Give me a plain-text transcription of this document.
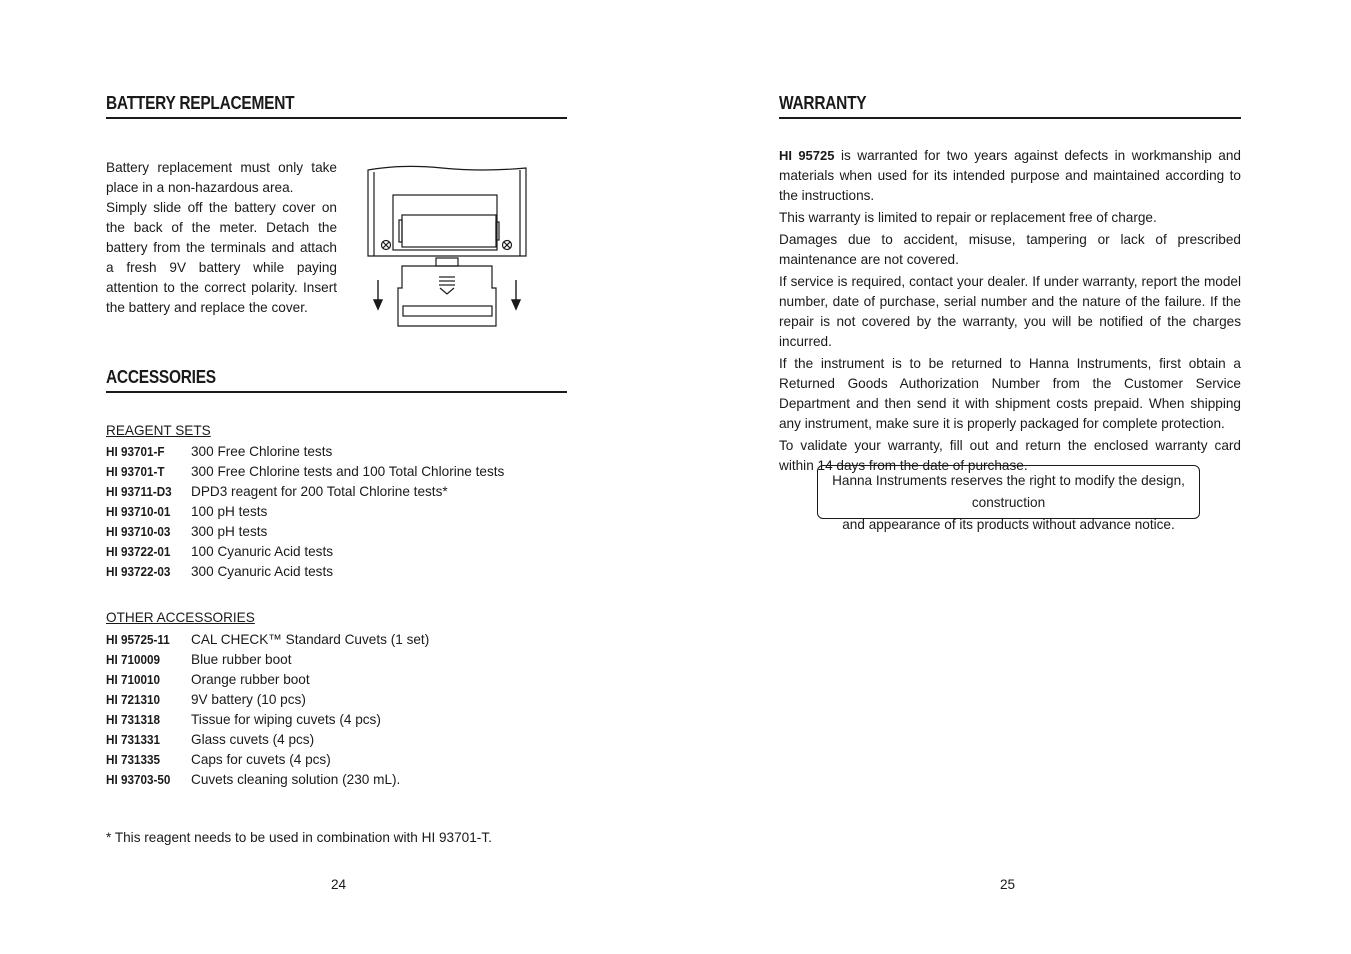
BATTERY REPLACEMENT

Battery replacement must only take place in a non-hazardous area.

Simply slide off the battery cover on the back of the meter. Detach the battery from the terminals and attach a fresh 9V battery while paying attention to the correct polarity. Insert the battery and replace the cover.

ACCESSORIES
REAGENT SETS
HI 93701-F	300 Free Chlorine tests
HI 93701-T	300 Free Chlorine tests and 100 Total Chlorine tests
HI 93711-D3	DPD3 reagent for 200 Total Chlorine tests*
HI 93710-01	100 pH tests
HI 93710-03	300 pH tests
HI 93722-01	100 Cyanuric Acid tests
HI 93722-03	300 Cyanuric Acid tests
OTHER ACCESSORIES
HI 95725-11	CAL CHECK™ Standard Cuvets (1 set)
HI 710009	Blue rubber boot
HI 710010	Orange rubber boot
HI 721310	9V battery (10 pcs)
HI 731318	Tissue for wiping cuvets (4 pcs)
HI 731331	Glass cuvets (4 pcs)
HI 731335	Caps for cuvets (4 pcs)
HI 93703-50	Cuvets cleaning solution (230 mL).
* This reagent needs to be used in combination with HI 93701-T.
24
WARRANTY

HI 95725 is warranted for two years against defects in workmanship and materials when used for its intended purpose and maintained according to the instructions.

This warranty is limited to repair or replacement free of charge.

Damages due to accident, misuse, tampering or lack of prescribed maintenance are not covered.

If service is required, contact your dealer. If under warranty, report the model number, date of purchase, serial number and the nature of the failure. If the repair is not covered by the warranty, you will be notified of the charges incurred.

If the instrument is to be returned to Hanna Instruments, first obtain a Returned Goods Authorization Number from the Customer Service Department and then send it with shipment costs prepaid. When shipping any instrument, make sure it is properly packaged for complete protection.

To validate your warranty, fill out and return the enclosed warranty card within 14 days from the date of purchase.

Hanna Instruments reserves the right to modify the design, construction
and appearance of its products without advance notice.
25
